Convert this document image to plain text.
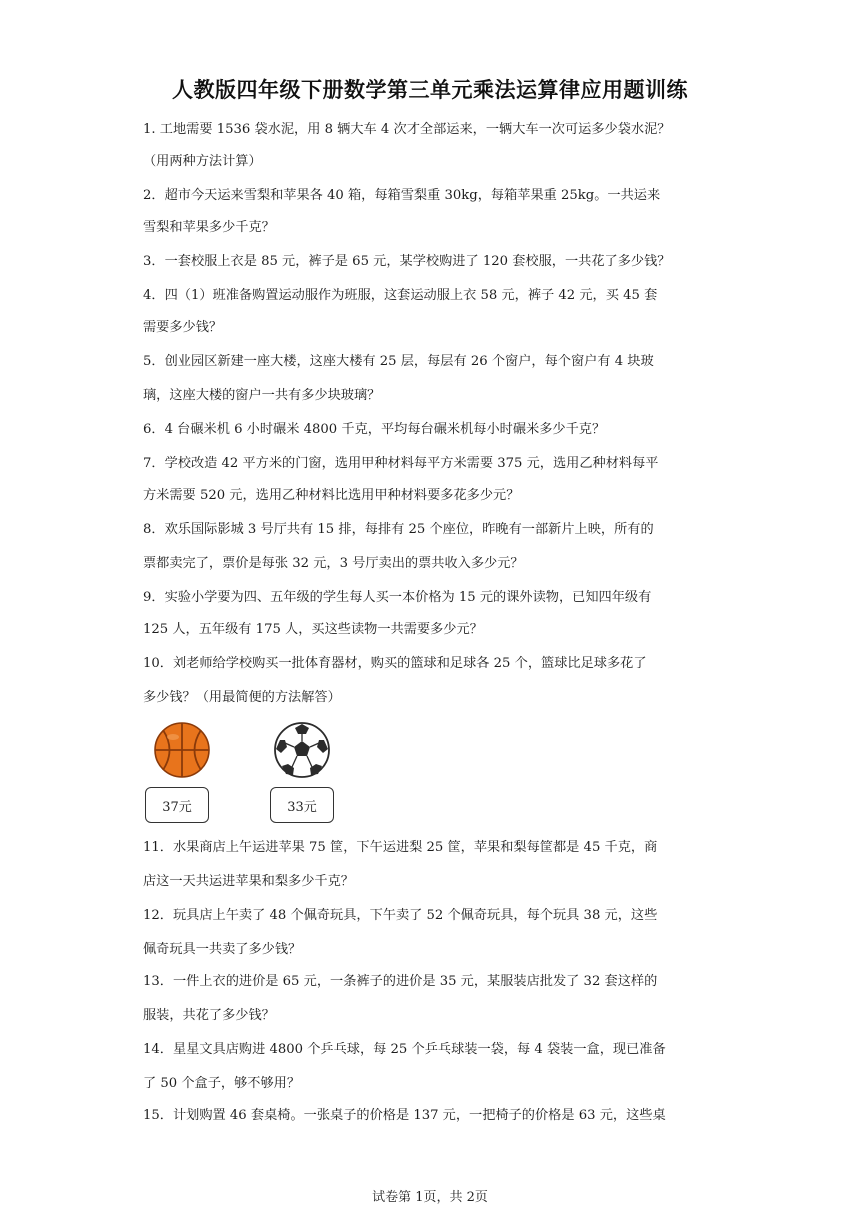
人教版四年级下册数学第三单元乘法运算律应用题训练
1. 工地需要 1536 袋水泥，用 8 辆大车 4 次才全部运来，一辆大车一次可运多少袋水泥？
（用两种方法计算）
2．超市今天运来雪梨和苹果各 40 箱，每箱雪梨重 30kg，每箱苹果重 25kg。一共运来
雪梨和苹果多少千克？
3．一套校服上衣是 85 元，裤子是 65 元，某学校购进了 120 套校服，一共花了多少钱？
4．四（1）班准备购置运动服作为班服，这套运动服上衣 58 元，裤子 42 元，买 45 套
需要多少钱？
5．创业园区新建一座大楼，这座大楼有 25 层，每层有 26 个窗户，每个窗户有 4 块玻
璃，这座大楼的窗户一共有多少块玻璃？
6．4 台碾米机 6 小时碾米 4800 千克，平均每台碾米机每小时碾米多少千克？
7．学校改造 42 平方米的门窗，选用甲种材料每平方米需要 375 元，选用乙种材料每平
方米需要 520 元，选用乙种材料比选用甲种材料要多花多少元？
8．欢乐国际影城 3 号厅共有 15 排，每排有 25 个座位，昨晚有一部新片上映，所有的
票都卖完了，票价是每张 32 元，3 号厅卖出的票共收入多少元？
9．实验小学要为四、五年级的学生每人买一本价格为 15 元的课外读物，已知四年级有
125 人，五年级有 175 人，买这些读物一共需要多少元？
10．刘老师给学校购买一批体育器材，购买的篮球和足球各 25 个，篮球比足球多花了
多少钱？（用最简便的方法解答）
37元	33元
11．水果商店上午运进苹果 75 筐，下午运进梨 25 筐，苹果和梨每筐都是 45 千克，商
店这一天共运进苹果和梨多少千克？
12．玩具店上午卖了 48 个佩奇玩具，下午卖了 52 个佩奇玩具，每个玩具 38 元，这些
佩奇玩具一共卖了多少钱？
13．一件上衣的进价是 65 元，一条裤子的进价是 35 元，某服装店批发了 32 套这样的
服装，共花了多少钱？
14．星星文具店购进 4800 个乒乓球，每 25 个乒乓球装一袋，每 4 袋装一盒，现已准备
了 50 个盒子，够不够用？
15．计划购置 46 套桌椅。一张桌子的价格是 137 元，一把椅子的价格是 63 元，这些桌
试卷第 1页，共 2页
